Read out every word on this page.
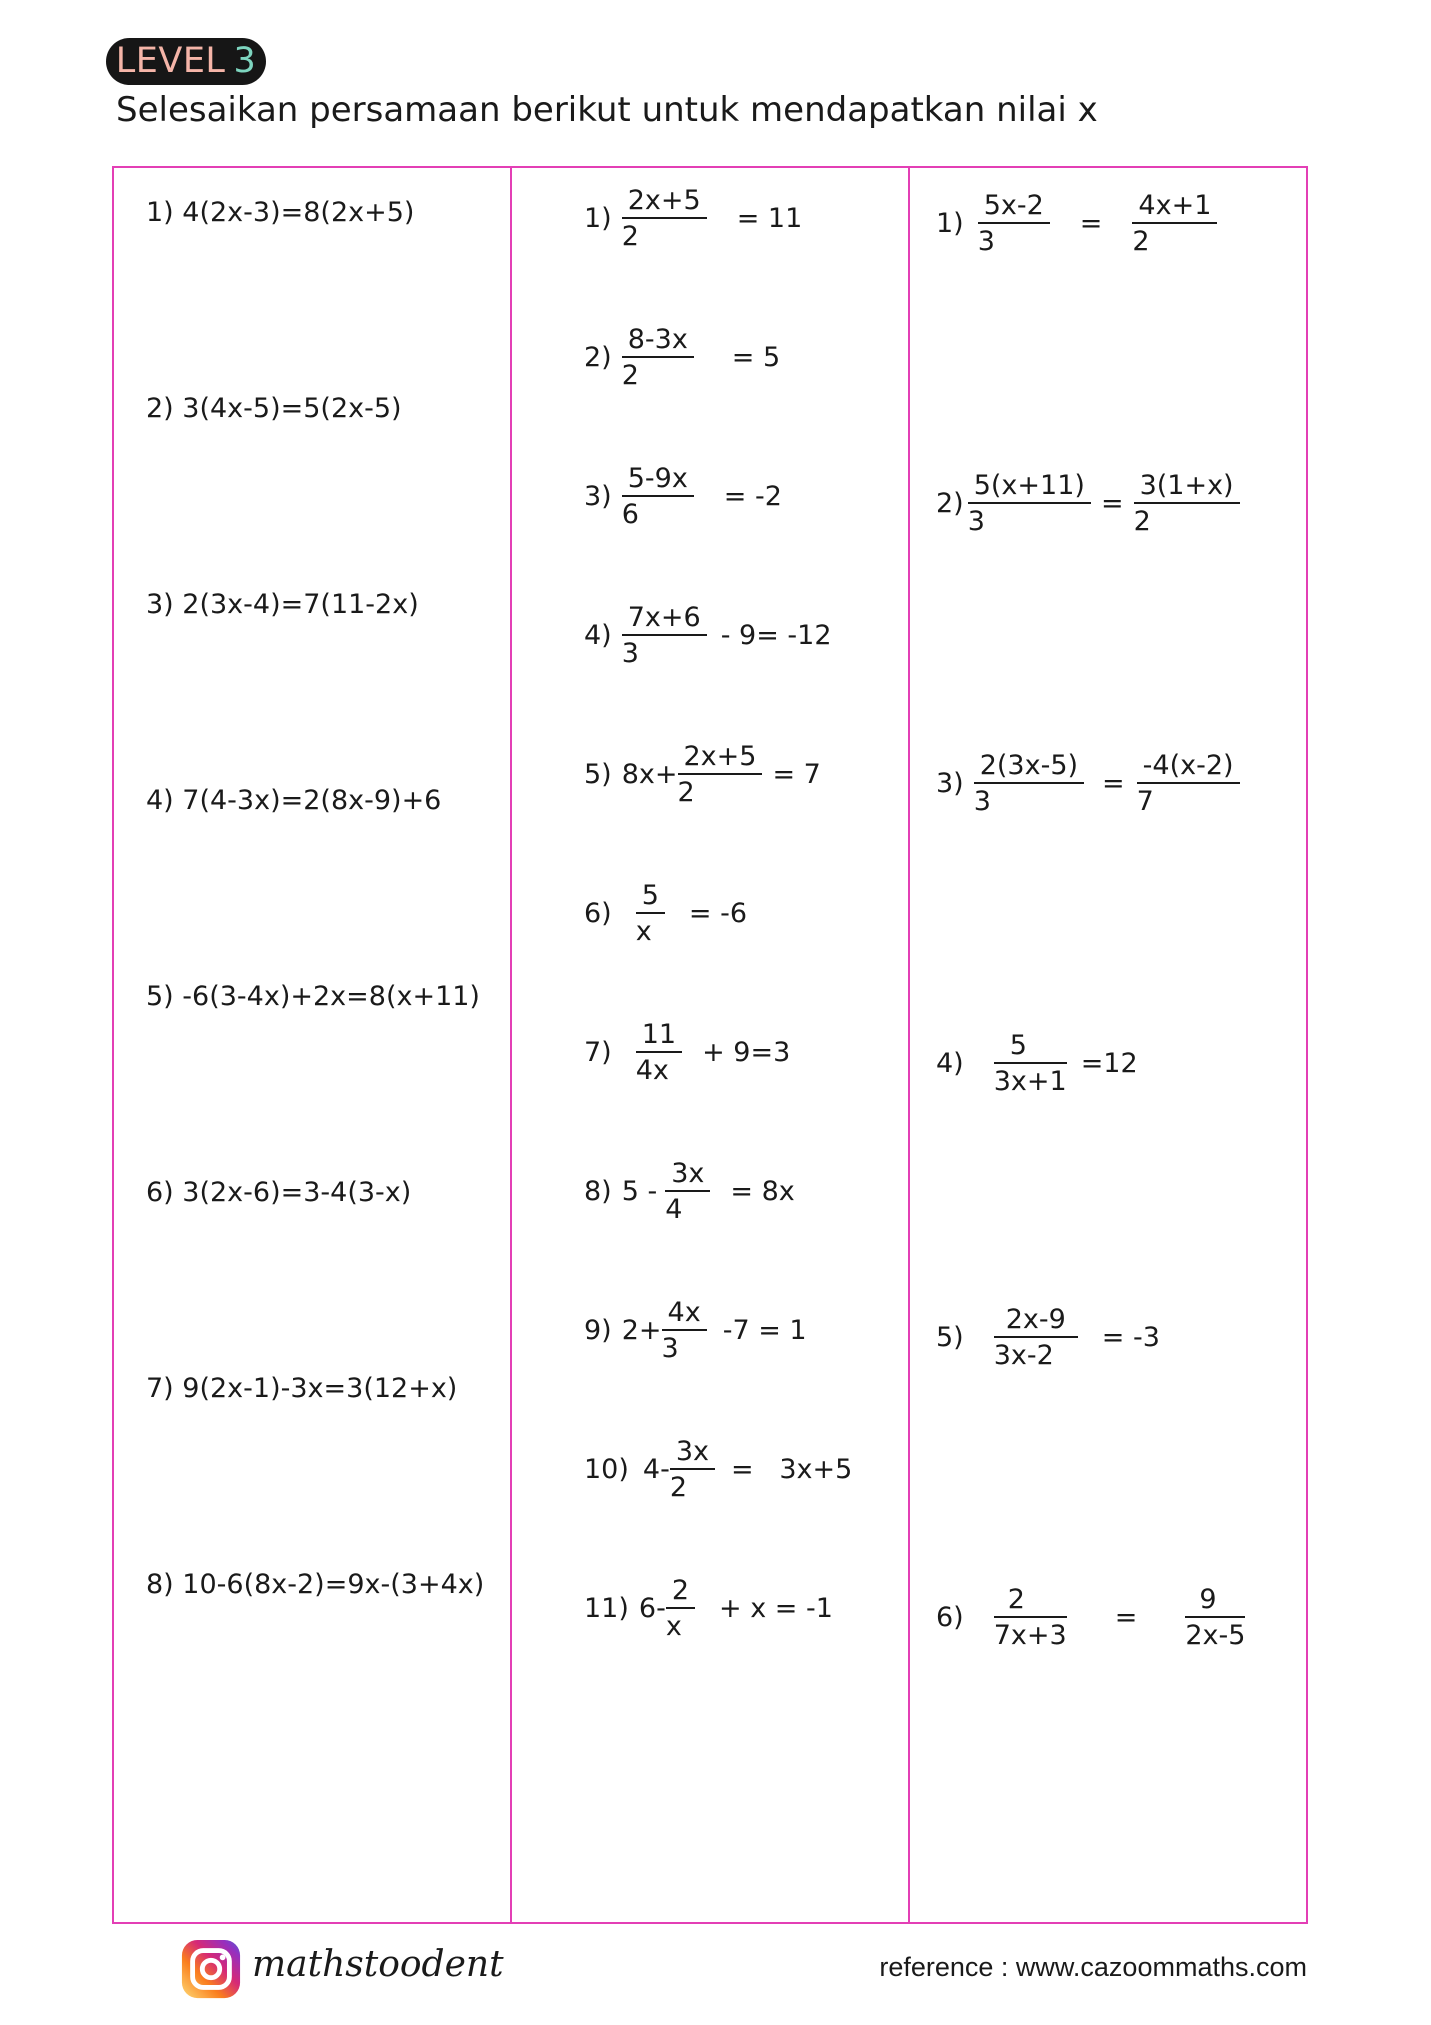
LEVEL 3
Selesaikan persamaan berikut untuk mendapatkan nilai x
1) 4(2x-3)=8(2x+5)
2) 3(4x-5)=5(2x-5)
3) 2(3x-4)=7(11-2x)
4) 7(4-3x)=2(8x-9)+6
5) -6(3-4x)+2x=8(x+11)
6) 3(2x-6)=3-4(3-x)
7) 9(2x-1)-3x=3(12+x)
8) 10-6(8x-2)=9x-(3+4x)
$1) \frac{2x+5}{2} = 11$
$2) \frac{8-3x}{2} = 5$
$3) \frac{5-9x}{6} = -2$
$4) \frac{7x+6}{3} - 9= -12$
5) $8x+ \frac{2x+5}{2} = 7$
$6) \frac{5}{x} = -6$
$7) \frac{11}{4x} + 9=3$
8) $5 - \frac{3x}{4} = 8x$
9) $2+ \frac{4x}{3} -7 = 1$
10) $4- \frac{3x}{2} = 3x+5$
11) $6- \frac{2}{x} + x = -1$
$1) \frac{5x-2}{3} = \frac{4x+1}{2}$
$2) \frac{5(x+11)}{3} = \frac{3(1+x)}{2}$
$3) \frac{2(3x-5)}{3} = \frac{-4(x-2)}{7}$
$4) \frac{5}{3x+1} =12$
$5) \frac{2x-9}{3x-2} = -3$
$6) \frac{2}{7x+3} = \frac{9}{2x-5}$
mathstoodent	reference : www.cazoommaths.com
